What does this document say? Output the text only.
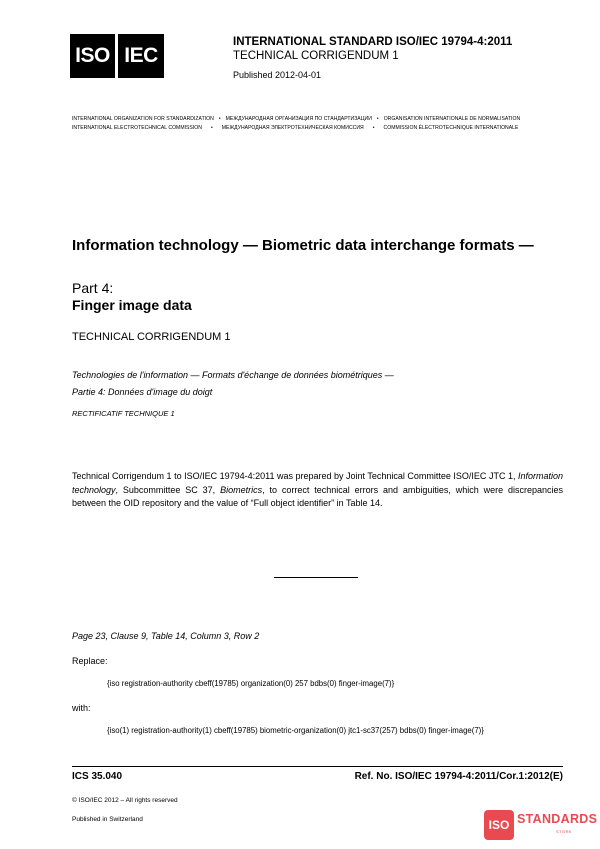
ISO IEC
INTERNATIONAL STANDARD ISO/IEC 19794-4:2011
TECHNICAL CORRIGENDUM 1
Published 2012-04-01
INTERNATIONAL ORGANIZATION FOR STANDARDIZATION • МЕЖДУНАРОДНАЯ ОРГАНИЗАЦИЯ ПО СТАНДАРТИЗАЦИИ • ORGANISATION INTERNATIONALE DE NORMALISATION
INTERNATIONAL ELECTROTECHNICAL COMMISSION • МЕЖДУНАРОДНАЯ ЭЛЕКТРОТЕХНИЧЕСКАЯ КОМИССИЯ • COMMISSION ÉLECTROTECHNIQUE INTERNATIONALE
Information technology — Biometric data interchange formats —
Part 4:
Finger image data
TECHNICAL CORRIGENDUM 1
Technologies de l'information — Formats d'échange de données biométriques —
Partie 4: Données d'image du doigt
RECTIFICATIF TECHNIQUE 1
Technical Corrigendum 1 to ISO/IEC 19794-4:2011 was prepared by Joint Technical Committee ISO/IEC JTC 1, Information technology, Subcommittee SC 37, Biometrics, to correct technical errors and ambiguities, which were discrepancies between the OID repository and the value of “Full object identifier” in Table 14.
Page 23, Clause 9, Table 14, Column 3, Row 2
Replace:
{iso registration-authority cbeff(19785) organization(0) 257 bdbs(0) finger-image(7)}
with:
{iso(1) registration-authority(1) cbeff(19785) biometric-organization(0) jtc1-sc37(257) bdbs(0) finger-image(7)}
ICS 35.040	Ref. No. ISO/IEC 19794-4:2011/Cor.1:2012(E)
© ISO/IEC 2012 – All rights reserved
Published in Switzerland	ISO STANDARDS
STORE
